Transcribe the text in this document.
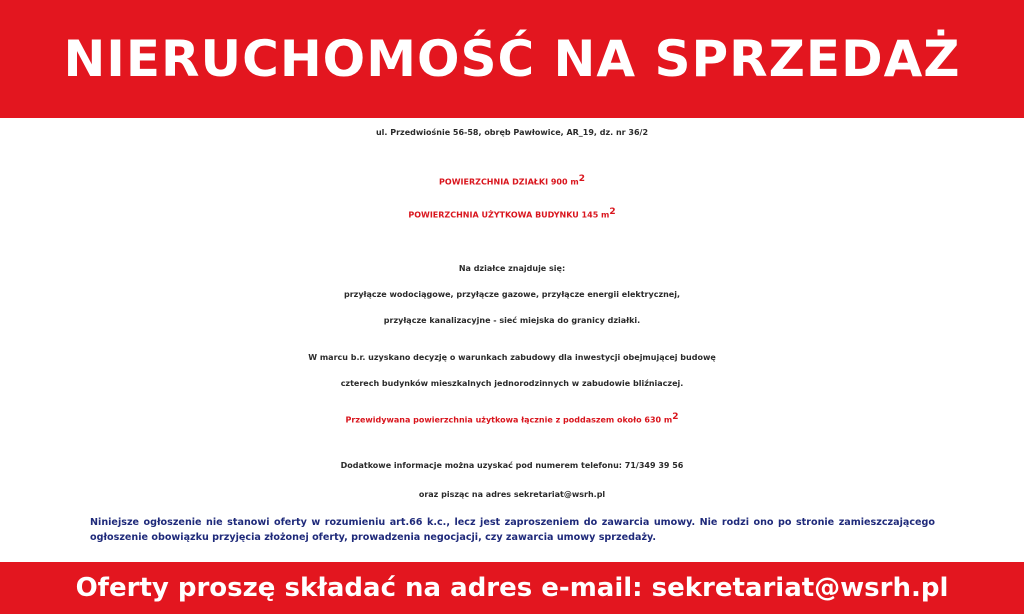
NIERUCHOMOŚĆ NA SPRZEDAŻ
ul. Przedwiośnie 56-58, obręb Pawłowice, AR_19, dz. nr 36/2
POWIERZCHNIA DZIAŁKI 900 $m^2$
POWIERZCHNIA UŻYTKOWA BUDYNKU 145 $m^2$
Na działce znajduje się:
przyłącze wodociągowe, przyłącze gazowe, przyłącze energii elektrycznej,
przyłącze kanalizacyjne - sieć miejska do granicy działki.
W marcu b.r. uzyskano decyzję o warunkach zabudowy dla inwestycji obejmującej budowę
czterech budynków mieszkalnych jednorodzinnych w zabudowie bliźniaczej.
Przewidywana powierzchnia użytkowa łącznie z poddaszem około 630 $m^2$
Dodatkowe informacje można uzyskać pod numerem telefonu: 71/349 39 56
oraz pisząc na adres sekretariat@wsrh.pl
Niniejsze ogłoszenie nie stanowi oferty w rozumieniu art.66 k.c., lecz jest zaproszeniem do zawarcia umowy. Nie rodzi ono po stronie zamieszczającego ogłoszenie obowiązku przyjęcia złożonej oferty, prowadzenia negocjacji, czy zawarcia umowy sprzedaży.
Oferty proszę składać na adres e-mail: sekretariat@wsrh.pl
